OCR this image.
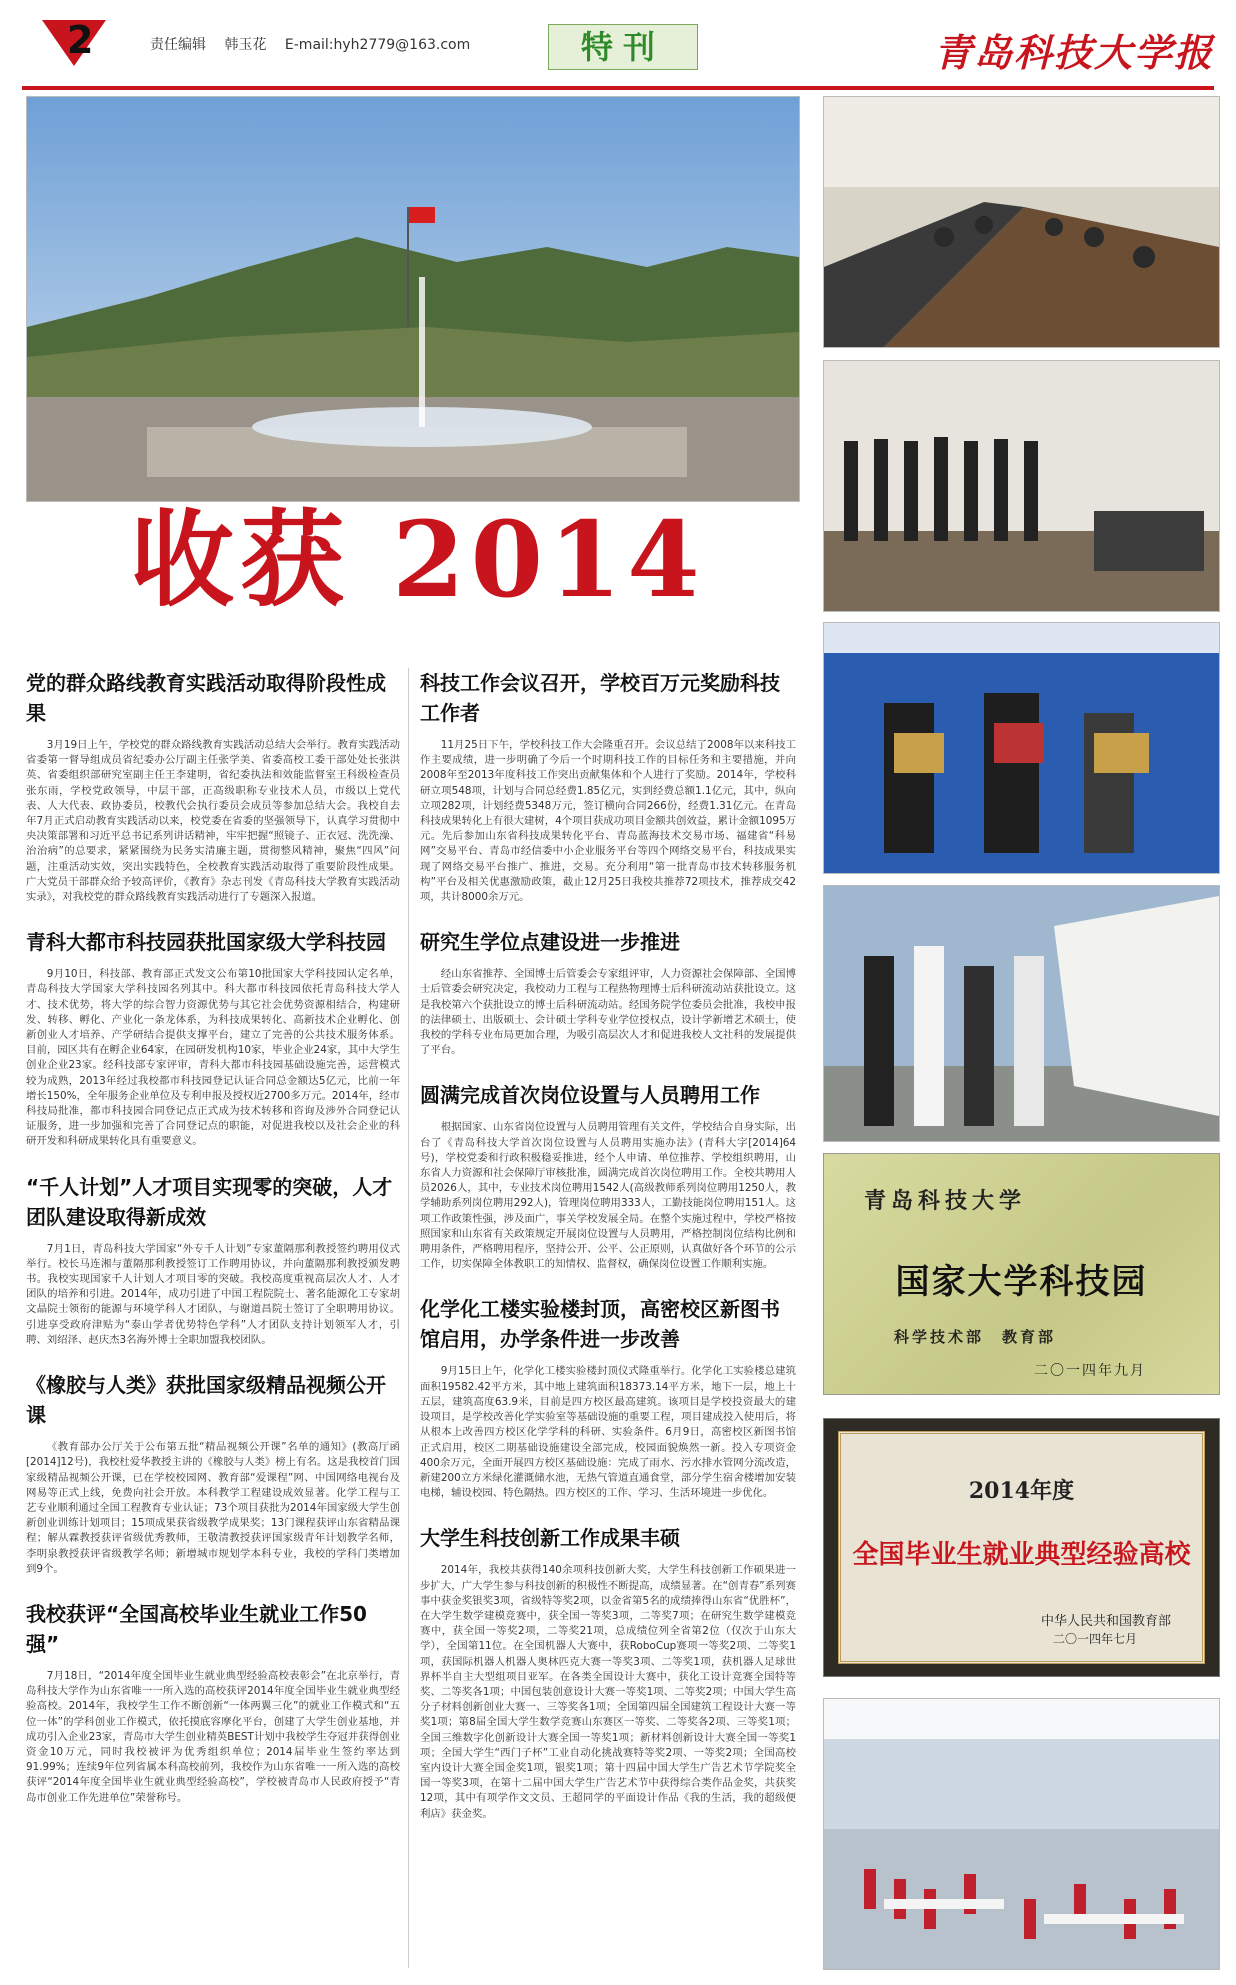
2	责任编辑 韩玉花 E-mail:hyh2779@163.com	特刊	青岛科技大学报
收获 2014
党的群众路线教育实践活动取得阶段性成果

3月19日上午，学校党的群众路线教育实践活动总结大会举行。教育实践活动省委第一督导组成员省纪委办公厅副主任张学美、省委高校工委干部处处长张洪英、省委组织部研究室副主任王李建明，省纪委执法和效能监督室王科级检查员张东雨，学校党政领导，中层干部，正高级职称专业技术人员，市级以上党代表、人大代表、政协委员，校教代会执行委员会成员等参加总结大会。我校自去年7月正式启动教育实践活动以来，校党委在省委的坚强领导下，认真学习贯彻中央决策部署和习近平总书记系列讲话精神，牢牢把握“照镜子、正衣冠、洗洗澡、治治病”的总要求，紧紧围绕为民务实清廉主题，贯彻整风精神，聚焦“四风”问题，注重活动实效，突出实践特色，全校教育实践活动取得了重要阶段性成果。广大党员干部群众给予较高评价，《教育》杂志刊发《青岛科技大学教育实践活动实录》，对我校党的群众路线教育实践活动进行了专题深入报道。

青科大都市科技园获批国家级大学科技园

9月10日，科技部、教育部正式发文公布第10批国家大学科技园认定名单，青岛科技大学国家大学科技园名列其中。科大都市科技园依托青岛科技大学人才、技术优势，将大学的综合智力资源优势与其它社会优势资源相结合，构建研发、转移、孵化、产业化一条龙体系，为科技成果转化、高新技术企业孵化、创新创业人才培养、产学研结合提供支撑平台，建立了完善的公共技术服务体系。目前，园区共有在孵企业64家，在园研发机构10家，毕业企业24家，其中大学生创业企业23家。经科技部专家评审，青科大都市科技园基础设施完善，运营模式较为成熟，2013年经过我校都市科技园登记认证合同总金额达5亿元，比前一年增长150%，全年服务企业单位及专利申报及授权近2700多万元。2014年，经市科技局批准，都市科技园合同登记点正式成为技术转移和咨询及涉外合同登记认证服务，进一步加强和完善了合同登记点的职能，对促进我校以及社会企业的科研开发和科研成果转化具有重要意义。

“千人计划”人才项目实现零的突破，人才团队建设取得新成效

7月1日，青岛科技大学国家“外专千人计划”专家董隔那利教授签约聘用仪式举行。校长马连湘与董隔那利教授签订工作聘用协议，并向董隔那利教授颁发聘书。我校实现国家千人计划人才项目零的突破。我校高度重视高层次人才、人才团队的培养和引进。2014年，成功引进了中国工程院院士、著名能源化工专家胡文晶院士领衔的能源与环境学科人才团队，与谢道昌院士签订了全职聘用协议。引进享受政府津贴为“泰山学者优势特色学科”人才团队支持计划领军人才，引聘、刘绍泽、赵庆杰3名海外博士全职加盟我校团队。

《橡胶与人类》获批国家级精品视频公开课

《教育部办公厅关于公布第五批“精品视频公开课”名单的通知》(教高厅函[2014]12号)，我校杜爱华教授主讲的《橡胶与人类》榜上有名。这是我校首门国家级精品视频公开课，已在学校校园网、教育部“爱课程”网、中国网络电视台及网易等正式上线，免费向社会开放。本科教学工程建设成效显著。化学工程与工艺专业顺利通过全国工程教育专业认证；73个项目获批为2014年国家级大学生创新创业训练计划项目；15项成果获省级教学成果奖；13门课程获评山东省精品课程；解从霖教授获评省级优秀教师，王敬清教授获评国家级青年计划教学名师，李明泉教授获评省级教学名师；新增城市规划学本科专业，我校的学科门类增加到9个。

我校获评“全国高校毕业生就业工作50强”

7月18日，“2014年度全国毕业生就业典型经验高校表彰会”在北京举行，青岛科技大学作为山东省唯一一所入选的高校获评2014年度全国毕业生就业典型经验高校。2014年，我校学生工作不断创新“一体两翼三化”的就业工作模式和“五位一体”的学科创业工作模式，依托摸底容摩化平台，创建了大学生创业基地，并成功引入企业23家，青岛市大学生创业精英BEST计划中我校学生夺冠并获得创业资金10万元，同时我校被评为优秀组织单位；2014届毕业生签约率达到91.99%；连续9年位列省属本科高校前列，我校作为山东省唯一一所入选的高校获评“2014年度全国毕业生就业典型经验高校”，学校被青岛市人民政府授予“青岛市创业工作先进单位”荣誉称号。

科技工作会议召开，学校百万元奖励科技工作者

11月25日下午，学校科技工作大会隆重召开。会议总结了2008年以来科技工作主要成绩，进一步明确了今后一个时期科技工作的目标任务和主要措施，并向2008年至2013年度科技工作突出贡献集体和个人进行了奖励。2014年，学校科研立项548项，计划与合同总经费1.85亿元，实到经费总额1.1亿元，其中，纵向立项282项，计划经费5348万元，签订横向合同266份，经费1.31亿元。在青岛科技成果转化上有很大建树，4个项目获成功项目金额共创效益，累计金额1095万元。先后参加山东省科技成果转化平台、青岛蓝海技术交易市场、福建省“科易网”交易平台、青岛市经信委中小企业服务平台等四个网络交易平台，科技成果实现了网络交易平台推广、推进，交易。充分利用“第一批青岛市技术转移服务机构”平台及相关优惠激励政策，截止12月25日我校共推荐72项技术，推荐成交42项，共计8000余万元。

研究生学位点建设进一步推进

经山东省推荐、全国博士后管委会专家组评审，人力资源社会保障部、全国博士后管委会研究决定，我校动力工程与工程热物理博士后科研流动站获批设立。这是我校第六个获批设立的博士后科研流动站。经国务院学位委员会批准，我校申报的法律硕士、出版硕士、会计硕士学科专业学位授权点，设计学新增艺术硕士，使我校的学科专业布局更加合理，为吸引高层次人才和促进我校人文社科的发展提供了平台。

圆满完成首次岗位设置与人员聘用工作

根据国家、山东省岗位设置与人员聘用管理有关文件，学校结合自身实际，出台了《青岛科技大学首次岗位设置与人员聘用实施办法》(青科大字[2014]64号)，学校党委和行政积极稳妥推进，经个人申请、单位推荐、学校组织聘用，山东省人力资源和社会保障厅审核批准，圆满完成首次岗位聘用工作。全校共聘用人员2026人，其中，专业技术岗位聘用1542人(高级教师系列岗位聘用1250人，教学辅助系列岗位聘用292人)，管理岗位聘用333人，工勤技能岗位聘用151人。这项工作政策性强，涉及面广，事关学校发展全局。在整个实施过程中，学校严格按照国家和山东省有关政策规定开展岗位设置与人员聘用，严格控制岗位结构比例和聘用条件，严格聘用程序，坚持公开、公平、公正原则，认真做好各个环节的公示工作，切实保障全体教职工的知情权、监督权，确保岗位设置工作顺利实施。

化学化工楼实验楼封顶，高密校区新图书馆启用，办学条件进一步改善

9月15日上午，化学化工楼实验楼封顶仪式隆重举行。化学化工实验楼总建筑面积19582.42平方米，其中地上建筑面积18373.14平方米，地下一层，地上十五层，建筑高度63.9米，目前是四方校区最高建筑。该项目是学校投资最大的建设项目，是学校改善化学实验室等基础设施的重要工程，项目建成投入使用后，将从根本上改善四方校区化学学科的科研、实验条件。6月9日，高密校区新图书馆正式启用，校区二期基础设施建设全部完成，校园面貌焕然一新。投入专项资金400余万元，全面开展四方校区基础设施：完成了雨水、污水排水管网分流改造，新建200立方米绿化灌溉储水池，无热气管道直通食堂，部分学生宿舍楼增加安装电梯，辅设校园、特色隔热。四方校区的工作、学习、生活环境进一步优化。

大学生科技创新工作成果丰硕

2014年，我校共获得140余项科技创新大奖，大学生科技创新工作硕果进一步扩大，广大学生参与科技创新的积极性不断提高，成绩显著。在“创青春”系列赛事中获金奖银奖3项，省级特等奖2项，以金省第5名的成绩捧得山东省“优胜杯”，在大学生数学建模竞赛中，获全国一等奖3项，二等奖7项；在研究生数学建模竞赛中，获全国一等奖2项，二等奖21项，总成绩位列全省第2位（仅次于山东大学），全国第11位。在全国机器人大赛中，获RoboCup赛项一等奖2项、二等奖1项，获国际机器人机器人奥林匹克大赛一等奖3项、二等奖1项，获机器人足球世界杯半自主大型组项目亚军。在各类全国设计大赛中，获化工设计竞赛全国特等奖、二等奖各1项；中国包装创意设计大赛一等奖1项、二等奖2项；中国大学生高分子材料创新创业大赛一、三等奖各1项；全国第四届全国建筑工程设计大赛一等奖1项；第8届全国大学生数学竞赛山东赛区一等奖、二等奖各2项、三等奖1项；全国三维数字化创新设计大赛全国一等奖1项；新材料创新设计大赛全国一等奖1项；全国大学生“西门子杯”工业自动化挑战赛特等奖2项、一等奖2项；全国高校室内设计大赛全国金奖1项，银奖1项；第十四届中国大学生广告艺术节学院奖全国一等奖3项，在第十二届中国大学生广告艺术节中获得综合类作品金奖，共获奖12项，其中有项学作文文员、王超同学的平面设计作品《我的生活，我的超级便利店》获金奖。

青岛科技大学
国家大学科技园
科学技术部　教育部
二〇一四年九月
2014年度
全国毕业生就业典型经验高校
中华人民共和国教育部
二〇一四年七月
